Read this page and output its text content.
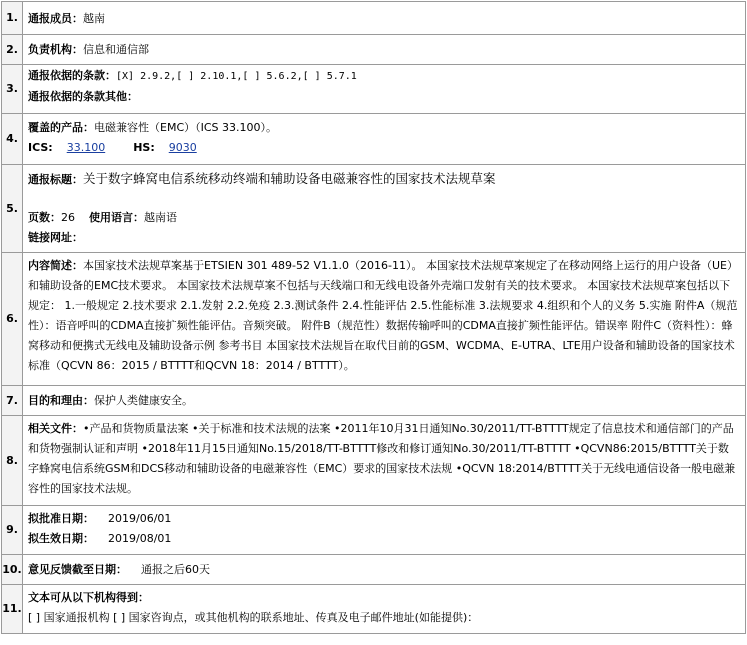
1.	通报成员：越南
2.	负责机构：信息和通信部
3.	通报依据的条款：[X] 2.9.2,[ ] 2.10.1,[ ] 5.6.2,[ ] 5.7.1
通报依据的条款其他：

4.	覆盖的产品：电磁兼容性（EMC）（ICS 33.100）。
ICS: 33.100 HS: 9030

5.	通报标题：关于数字蜂窝电信系统移动终端和辅助设备电磁兼容性的国家技术法规草案
页数：26 使用语言：越南语
链接网址：

6.	内容简述：本国家技术法规草案基于ETSIEN 301 489-52 V1.1.0（2016-11）。 本国家技术法规草案规定了在移动网络上运行的用户设备（UE）和辅助设备的EMC技术要求。 本国家技术法规草案不包括与天线端口和无线电设备外壳端口发射有关的技术要求。 本国家技术法规草案包括以下规定： 1.一般规定 2.技术要求 2.1.发射 2.2.免疫 2.3.测试条件 2.4.性能评估 2.5.性能标准 3.法规要求 4.组织和个人的义务 5.实施 附件A（规范性）：语音呼叫的CDMA直接扩频性能评估。音频突破。 附件B（规范性）数据传输呼叫的CDMA直接扩频性能评估。错误率 附件C（资料性）：蜂窝移动和便携式无线电及辅助设备示例 参考书目 本国家技术法规旨在取代目前的GSM、WCDMA、E-UTRA、LTE用户设备和辅助设备的国家技术标准（QCVN 86：2015 / BTTTT和QCVN 18：2014 / BTTTT）。
7.	目的和理由：保护人类健康安全。
8.	相关文件：•产品和货物质量法案 •关于标准和技术法规的法案 •2011年10月31日通知No.30/2011/TT-BTTTT规定了信息技术和通信部门的产品和货物强制认证和声明 •2018年11月15日通知No.15/2018/TT-BTTTT修改和修订通知No.30/2011/TT-BTTTT •QCVN86:2015/BTTTT关于数字蜂窝电信系统GSM和DCS移动和辅助设备的电磁兼容性（EMC）要求的国家技术法规 •QCVN 18:2014/BTTTT关于无线电通信设备一般电磁兼容性的国家技术法规。
9.	拟批准日期： 2019/06/01
拟生效日期： 2019/08/01

10.	意见反馈截至日期： 通报之后60天
11.	文本可从以下机构得到：
[ ] 国家通报机构 [ ] 国家咨询点，或其他机构的联系地址、传真及电子邮件地址(如能提供)：
